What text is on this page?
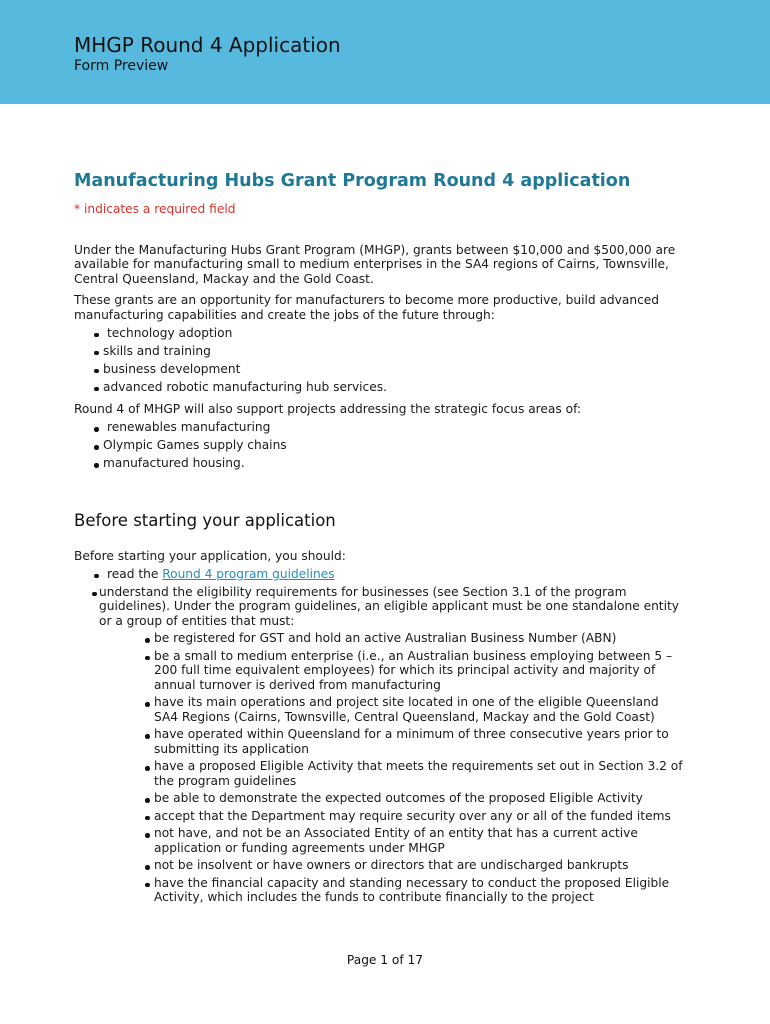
MHGP Round 4 Application
Form Preview
Manufacturing Hubs Grant Program Round 4 application

* indicates a required field

Under the Manufacturing Hubs Grant Program (MHGP), grants between $10,000 and $500,000 are available for manufacturing small to medium enterprises in the SA4 regions of Cairns, Townsville, Central Queensland, Mackay and the Gold Coast.

These grants are an opportunity for manufacturers to become more productive, build advanced manufacturing capabilities and create the jobs of the future through:

technology adoption
skills and training
business development
advanced robotic manufacturing hub services.

Round 4 of MHGP will also support projects addressing the strategic focus areas of:

renewables manufacturing
Olympic Games supply chains
manufactured housing.
Before starting your application

Before starting your application, you should:

read the Round 4 program guidelines
understand the eligibility requirements for businesses (see Section 3.1 of the program guidelines). Under the program guidelines, an eligible applicant must be one standalone entity or a group of entities that must:
be registered for GST and hold an active Australian Business Number (ABN)
be a small to medium enterprise (i.e., an Australian business employing between 5 – 200 full time equivalent employees) for which its principal activity and majority of annual turnover is derived from manufacturing
have its main operations and project site located in one of the eligible Queensland SA4 Regions (Cairns, Townsville, Central Queensland, Mackay and the Gold Coast)
have operated within Queensland for a minimum of three consecutive years prior to submitting its application
have a proposed Eligible Activity that meets the requirements set out in Section 3.2 of the program guidelines
be able to demonstrate the expected outcomes of the proposed Eligible Activity
accept that the Department may require security over any or all of the funded items
not have, and not be an Associated Entity of an entity that has a current active application or funding agreements under MHGP
not be insolvent or have owners or directors that are undischarged bankrupts
have the financial capacity and standing necessary to conduct the proposed Eligible Activity, which includes the funds to contribute financially to the project
Page 1 of 17
